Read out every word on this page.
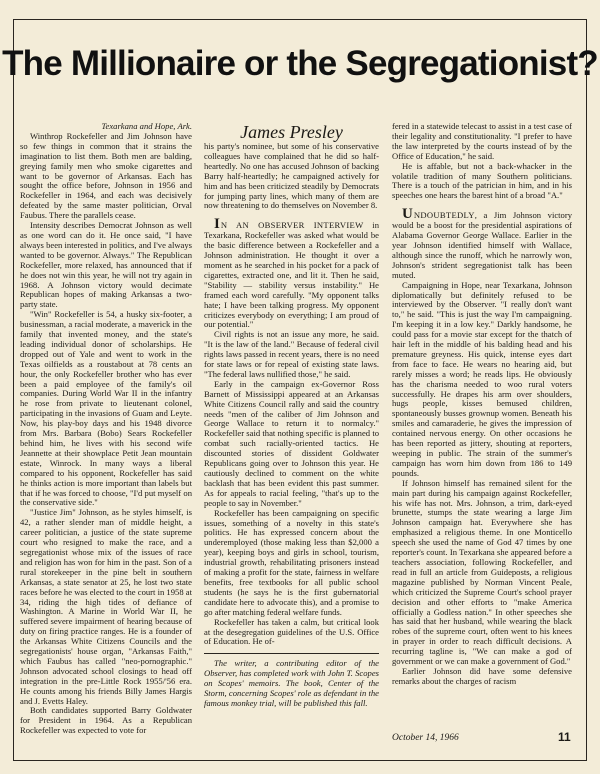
The Millionaire or the Segregationist?

Texarkana and Hope, Ark.

Winthrop Rockefeller and Jim Johnson have so few things in common that it strains the imagination to list them. Both men are balding, greying family men who smoke cigarettes and want to be governor of Arkansas. Each has sought the office before, Johnson in 1956 and Rockefeller in 1964, and each was decisively defeated by the same master politician, Orval Faubus. There the parallels cease.

Intensity describes Democrat Johnson as well as one word can do it. He once said, "I have always been interested in politics, and I've always wanted to be governor. Always." The Republican Rockefeller, more relaxed, has announced that if he does not win this year, he will not try again in 1968. A Johnson victory would decimate Republican hopes of making Arkansas a two-party state.

"Win" Rockefeller is 54, a husky six-footer, a businessman, a racial moderate, a maverick in the family that invented money, and the state's leading individual donor of scholarships. He dropped out of Yale and went to work in the Texas oilfields as a roustabout at 78 cents an hour, the only Rockefeller brother who has ever been a paid employee of the family's oil companies. During World War II in the infantry he rose from private to lieutenant colonel, participating in the invasions of Guam and Leyte. Now, his play-boy days and his 1948 divorce from Mrs. Barbara (Bobo) Sears Rockefeller behind him, he lives with his second wife Jeannette at their showplace Petit Jean mountain estate, Winrock. In many ways a liberal compared to his opponent, Rockefeller has said he thinks action is more important than labels but that if he was forced to choose, "I'd put myself on the conservative side."

"Justice Jim" Johnson, as he styles himself, is 42, a rather slender man of middle height, a career politician, a justice of the state supreme court who resigned to make the race, and a segregationist whose mix of the issues of race and religion has won for him in the past. Son of a rural storekeeper in the pine belt in southern Arkansas, a state senator at 25, he lost two state races before he was elected to the court in 1958 at 34, riding the high tides of defiance of Washington. A Marine in World War II, he suffered severe impairment of hearing because of duty on firing practice ranges. He is a founder of the Arkansas White Citizens Councils and the segregationists' house organ, "Arkansas Faith," which Faubus has called "neo-pornographic." Johnson advocated school closings to head off integration in the pre-Little Rock 1955/'56 era. He counts among his friends Billy James Hargis and J. Evetts Haley.

Both candidates supported Barry Goldwater for President in 1964. As a Republican Rockefeller was expected to vote for

James Presley

his party's nominee, but some of his conservative colleagues have complained that he did so half-heartedly. No one has accused Johnson of backing Barry half-heartedly; he campaigned actively for him and has been criticized steadily by Democrats for jumping party lines, which many of them are now threatening to do themselves on November 8.

IN AN OBSERVER INTERVIEW in Texarkana, Rockefeller was asked what would be the basic difference between a Rockefeller and a Johnson administration. He thought it over a moment as he searched in his pocket for a pack of cigarettes, extracted one, and lit it. Then he said, "Stability — stability versus instability." He framed each word carefully. "My opponent talks hate; I have been talking progress. My opponent criticizes everybody on everything; I am proud of our potential."

Civil rights is not an issue any more, he said. "It is the law of the land." Because of federal civil rights laws passed in recent years, there is no need for state laws or for repeal of existing state laws. "The federal laws nullified those," he said.

Early in the campaign ex-Governor Ross Barnett of Mississippi appeared at an Arkansas White Citizens Council rally and said the country needs "men of the caliber of Jim Johnson and George Wallace to return it to normalcy." Rockefeller said that nothing specific is planned to combat such racially-oriented tactics. He discounted stories of dissident Goldwater Republicans going over to Johnson this year. He cautiously declined to comment on the white backlash that has been evident this past summer. As for appeals to racial feeling, "that's up to the people to say in November."

Rockefeller has been campaigning on specific issues, something of a novelty in this state's politics. He has expressed concern about the underemployed (those making less than $2,000 a year), keeping boys and girls in school, tourism, industrial growth, rehabilitating prisoners instead of making a profit for the state, fairness in welfare benefits, free textbooks for all public school students (he says he is the first gubernatorial candidate here to advocate this), and a promise to go after matching federal welfare funds.

Rockefeller has taken a calm, but critical look at the desegregation guidelines of the U.S. Office of Education. He of-

The writer, a contributing editor of the Observer, has completed work with John T. Scopes on Scopes' memoirs. The book, Center of the Storm, concerning Scopes' role as defendant in the famous monkey trial, will be published this fall.

fered in a statewide telecast to assist in a test case of their legality and constitutionality. "I prefer to have the law interpreted by the courts instead of by the Office of Education," he said.

He is affable, but not a back-whacker in the volatile tradition of many Southern politicians. There is a touch of the patrician in him, and in his speeches one hears the barest hint of a broad "A."

UNDOUBTEDLY, a Jim Johnson victory would be a boost for the presidential aspirations of Alabama Governor George Wallace. Earlier in the year Johnson identified himself with Wallace, although since the runoff, which he narrowly won, Johnson's strident segregationist talk has been muted.

Campaigning in Hope, near Texarkana, Johnson diplomatically but definitely refused to be interviewed by the Observer. "I really don't want to," he said. "This is just the way I'm campaigning. I'm keeping it in a low key." Darkly handsome, he could pass for a movie star except for the thatch of hair left in the middle of his balding head and his premature greyness. His quick, intense eyes dart from face to face. He wears no hearing aid, but rarely misses a word; he reads lips. He obviously has the charisma needed to woo rural voters successfully. He drapes his arm over shoulders, hugs people, kisses bemused children, spontaneously busses grownup women. Beneath his smiles and camaraderie, he gives the impression of contained nervous energy. On other occasions he has been reported as jittery, shouting at reporters, weeping in public. The strain of the summer's campaign has worn him down from 186 to 149 pounds.

If Johnson himself has remained silent for the main part during his campaign against Rockefeller, his wife has not. Mrs. Johnson, a trim, dark-eyed brunette, stumps the state wearing a large Jim Johnson campaign hat. Everywhere she has emphasized a religious theme. In one Monticello speech she used the name of God 47 times by one reporter's count. In Texarkana she appeared before a teachers association, following Rockefeller, and read in full an article from Guideposts, a religious magazine published by Norman Vincent Peale, which criticized the Supreme Court's school prayer decision and other efforts to "make America officially a Godless nation." In other speeches she has said that her husband, while wearing the black robes of the supreme court, often went to his knees in prayer in order to reach difficult decisions. A recurring tagline is, "We can make a god of government or we can make a government of God."

Earlier Johnson did have some defensive remarks about the charges of racism

October 14, 1966	11
